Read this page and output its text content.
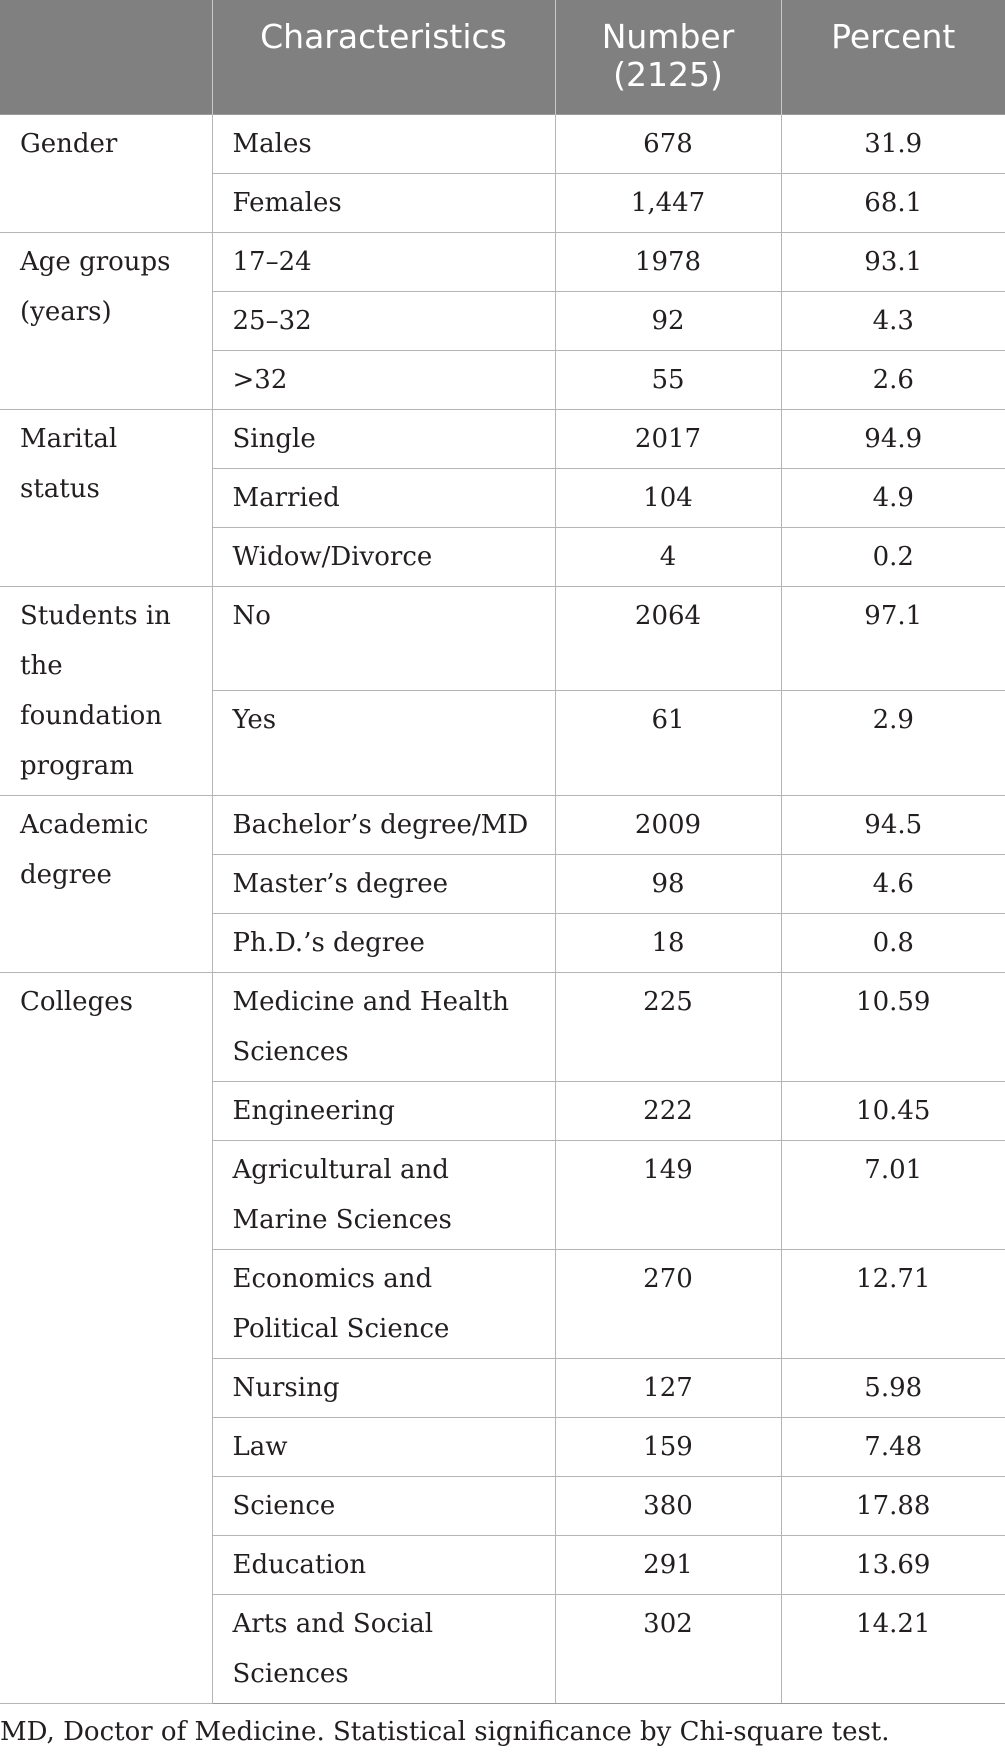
	Characteristics	Number (2125)	Percent
Gender	Males	678	31.9
	Females	1,447	68.1
Age groups (years)	17–24	1978	93.1
	25–32	92	4.3
	>32	55	2.6
Marital status	Single	2017	94.9
	Married	104	4.9
	Widow/Divorce	4	0.2
Students in the foundation program	No	2064	97.1
	Yes	61	2.9
Academic degree	Bachelor’s degree/MD	2009	94.5
	Master’s degree	98	4.6
	Ph.D.’s degree	18	0.8
Colleges	Medicine and Health Sciences	225	10.59
	Engineering	222	10.45
	Agricultural and Marine Sciences	149	7.01
	Economics and Political Science	270	12.71
	Nursing	127	5.98
	Law	159	7.48
	Science	380	17.88
	Education	291	13.69
	Arts and Social Sciences	302	14.21

MD, Doctor of Medicine. Statistical significance by Chi-square test.
